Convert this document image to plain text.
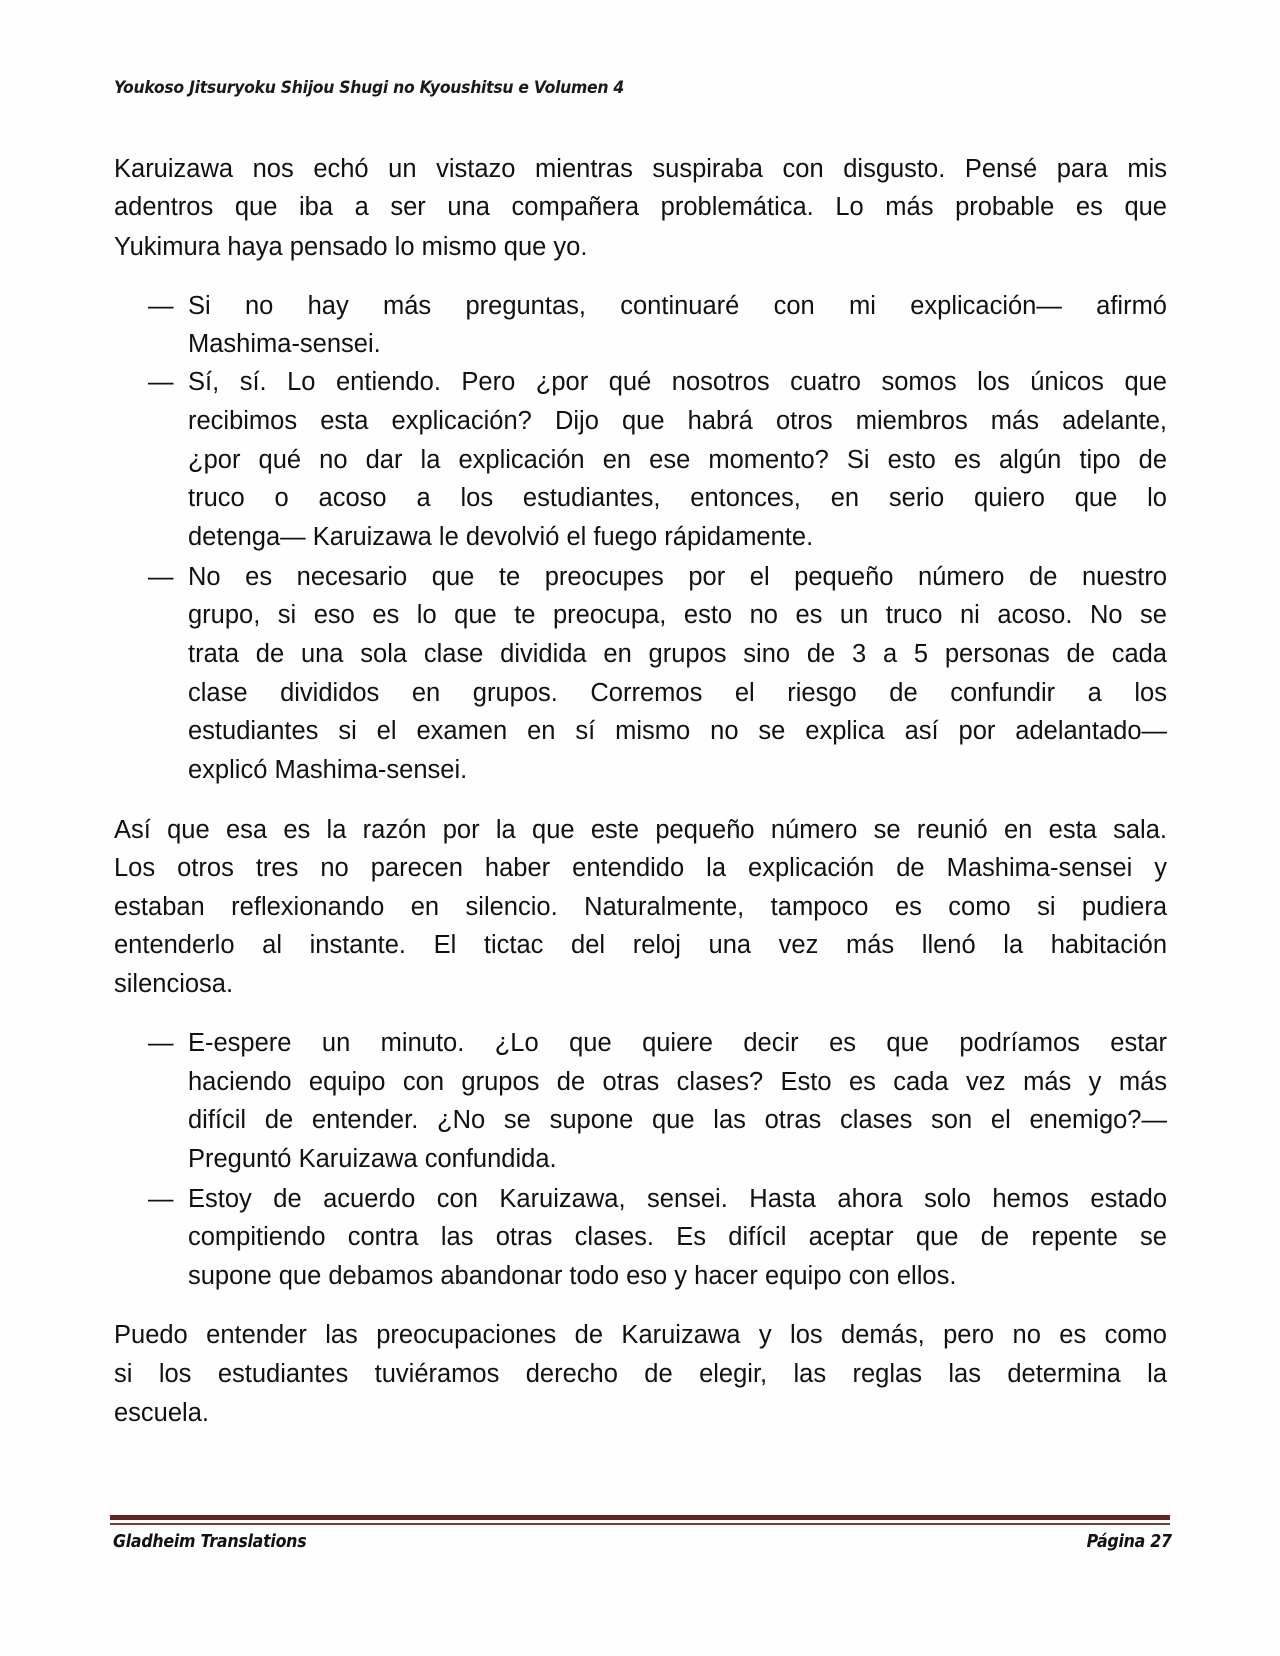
Youkoso Jitsuryoku Shijou Shugi no Kyoushitsu e Volumen 4
Karuizawa nos echó un vistazo mientras suspiraba con disgusto. Pensé para mis
adentros que iba a ser una compañera problemática. Lo más probable es que
Yukimura haya pensado lo mismo que yo.
— Si no hay más preguntas, continuaré con mi explicación— afirmó
Mashima-sensei.
— Sí, sí. Lo entiendo. Pero ¿por qué nosotros cuatro somos los únicos que
recibimos esta explicación? Dijo que habrá otros miembros más adelante,
¿por qué no dar la explicación en ese momento? Si esto es algún tipo de
truco o acoso a los estudiantes, entonces, en serio quiero que lo
detenga— Karuizawa le devolvió el fuego rápidamente.
— No es necesario que te preocupes por el pequeño número de nuestro
grupo, si eso es lo que te preocupa, esto no es un truco ni acoso. No se
trata de una sola clase dividida en grupos sino de 3 a 5 personas de cada
clase divididos en grupos. Corremos el riesgo de confundir a los
estudiantes si el examen en sí mismo no se explica así por adelantado—
explicó Mashima-sensei.
Así que esa es la razón por la que este pequeño número se reunió en esta sala.
Los otros tres no parecen haber entendido la explicación de Mashima-sensei y
estaban reflexionando en silencio. Naturalmente, tampoco es como si pudiera
entenderlo al instante. El tictac del reloj una vez más llenó la habitación
silenciosa.
— E-espere un minuto. ¿Lo que quiere decir es que podríamos estar
haciendo equipo con grupos de otras clases? Esto es cada vez más y más
difícil de entender. ¿No se supone que las otras clases son el enemigo?—
Preguntó Karuizawa confundida.
— Estoy de acuerdo con Karuizawa, sensei. Hasta ahora solo hemos estado
compitiendo contra las otras clases. Es difícil aceptar que de repente se
supone que debamos abandonar todo eso y hacer equipo con ellos.
Puedo entender las preocupaciones de Karuizawa y los demás, pero no es como
si los estudiantes tuviéramos derecho de elegir, las reglas las determina la
escuela.
Gladheim Translations	Página 27
